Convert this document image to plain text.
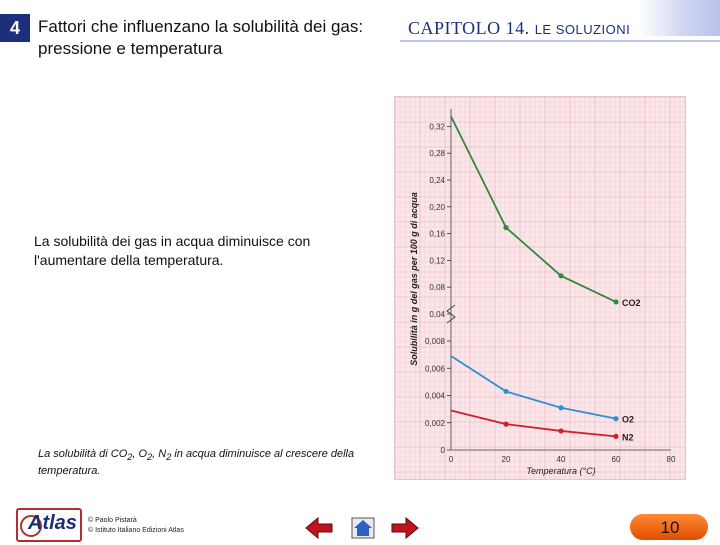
4	Fattori che influenzano la solubilità dei gas: pressione e temperatura
CAPITOLO 14. LE SOLUZIONI
La solubilità dei gas in acqua diminuisce con l'aumentare della temperatura.
La solubilità di $CO_2$, $O_2$, $N_2$ in acqua diminuisce al crescere della temperatura.
0
0,002
0,004
0,006
0,008
0,04
0,08
0,12
0,16
0,20
0,24
0,28
0,32
0	20	40	60	80
Temperatura (°C)
Solubilità in g del gas per 100 g di acqua	CO2
O2
N2
Atlas © Paolo Pistarà
© Istituto Italiano Edizioni Atlas	10
